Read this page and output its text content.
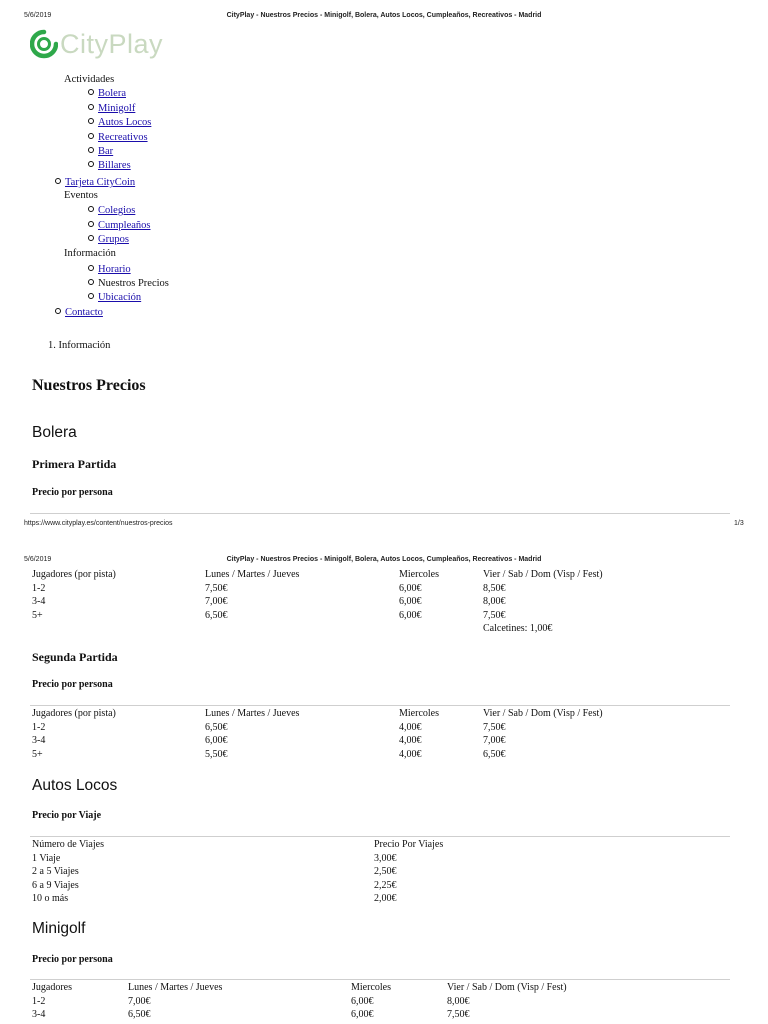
5/6/2019	CityPlay - Nuestros Precios - Minigolf, Bolera, Autos Locos, Cumpleaños, Recreativos - Madrid
CityPlay
Actividades
Bolera
Minigolf
Autos Locos
Recreativos
Bar
Billares
Tarjeta CityCoin
Eventos
Colegios
Cumpleaños
Grupos
Información
Horario
Nuestros Precios
Ubicación
Contacto
1. Información
Nuestros Precios
Bolera
Primera Partida
Precio por persona
https://www.cityplay.es/content/nuestros-precios	1/3
5/6/2019	CityPlay - Nuestros Precios - Minigolf, Bolera, Autos Locos, Cumpleaños, Recreativos - Madrid
Jugadores (por pista)	Lunes / Martes / Jueves	Miercoles	Vier / Sab / Dom (Visp / Fest)
1-2	7,50€	6,00€	8,50€
3-4	7,00€	6,00€	8,00€
5+	6,50€	6,00€	7,50€
Calcetines: 1,00€
Segunda Partida
Precio por persona
Jugadores (por pista)	Lunes / Martes / Jueves	Miercoles	Vier / Sab / Dom (Visp / Fest)
1-2	6,50€	4,00€	7,50€
3-4	6,00€	4,00€	7,00€
5+	5,50€	4,00€	6,50€
Autos Locos
Precio por Viaje
Número de Viajes	Precio Por Viajes
1 Viaje	3,00€
2 a 5 Viajes	2,50€
6 a 9 Viajes	2,25€
10 o más	2,00€
Minigolf
Precio por persona
Jugadores	Lunes / Martes / Jueves	Miercoles	Vier / Sab / Dom (Visp / Fest)
1-2	7,00€	6,00€	8,00€
3-4	6,50€	6,00€	7,50€
